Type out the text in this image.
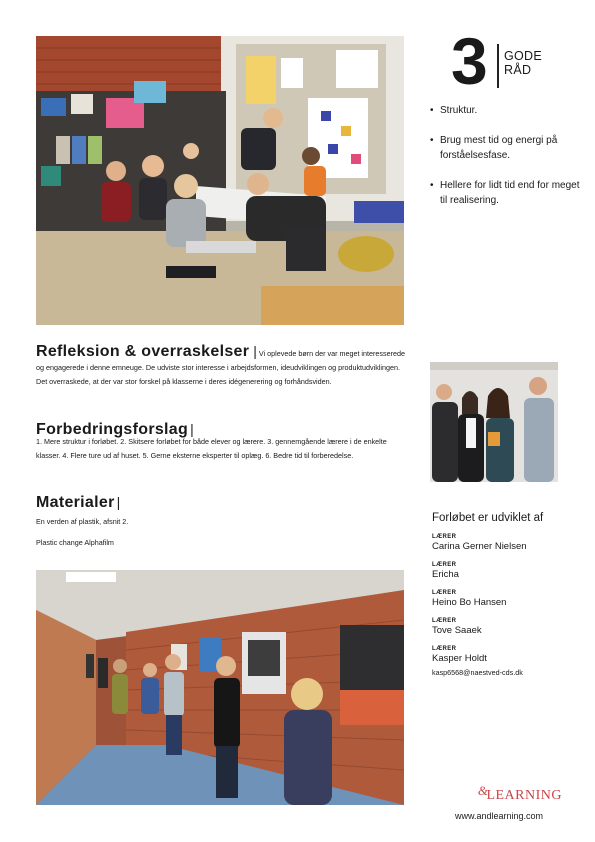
3 GODE
RÅD
• Struktur.
• Brug mest tid og energi på forståelsesfase.
• Hellere for lidt tid end for meget til realisering.
Refleksion & overraskelser | Vi oplevede børn der var meget interesserede og engagerede i denne emneuge. De udviste stor interesse i arbejdsformen, ideudviklingen og produktudviklingen. Det overraskede, at der var stor forskel på klasserne i deres idégenerering og forhåndsviden.
Forbedringsforslag |
1. Mere struktur i forløbet. 2. Skitsere forløbet for både elever og lærere. 3. gennemgående lærere i de enkelte klasser. 4. Flere ture ud af huset. 5. Gerne eksterne eksperter til oplæg. 6. Bedre tid til forberedelse.
Materialer |
En verden af plastik, afsnit 2.
Plastic change Alphafilm
Forløbet er udviklet af
LÆRER
Carina Gerner Nielsen
LÆRER
Ericha
LÆRER
Heino Bo Hansen
LÆRER
Tove Saaek
LÆRER
Kasper Holdt
kasp6568@naestved-cds.dk
&LEARNING
www.andlearning.com
